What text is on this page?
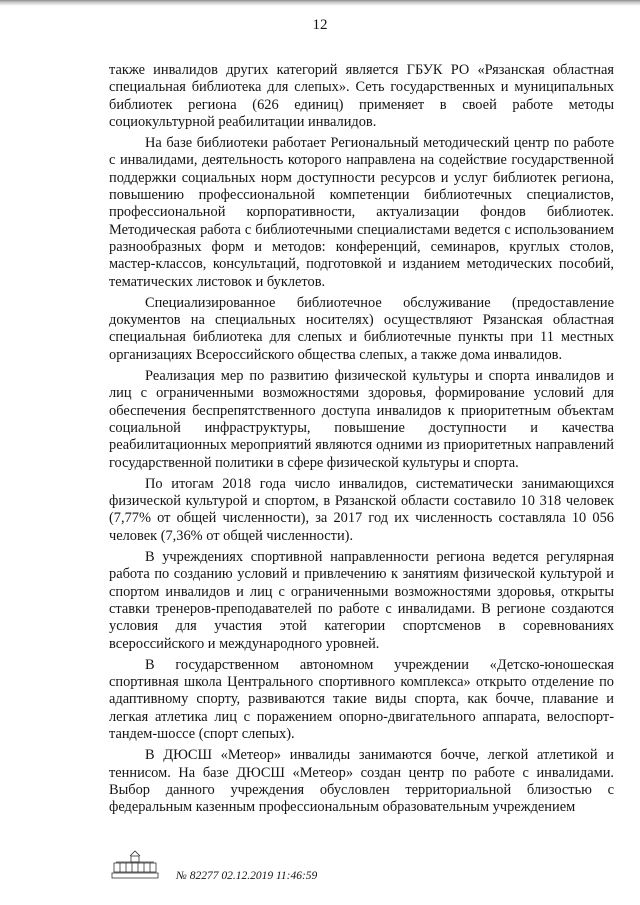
12

также инвалидов других категорий является ГБУК РО «Рязанская областная специальная библиотека для слепых». Сеть государственных и муниципальных библиотек региона (626 единиц) применяет в своей работе методы социокультурной реабилитации инвалидов.

На базе библиотеки работает Региональный методический центр по работе с инвалидами, деятельность которого направлена на содействие государственной поддержки социальных норм доступности ресурсов и услуг библиотек региона, повышению профессиональной компетенции библиотечных специалистов, профессиональной корпоративности, актуализации фондов библиотек. Методическая работа с библиотечными специалистами ведется с использованием разнообразных форм и методов: конференций, семинаров, круглых столов, мастер-классов, консультаций, подготовкой и изданием методических пособий, тематических листовок и буклетов.

Специализированное библиотечное обслуживание (предоставление документов на специальных носителях) осуществляют Рязанская областная специальная библиотека для слепых и библиотечные пункты при 11 местных организациях Всероссийского общества слепых, а также дома инвалидов.

Реализация мер по развитию физической культуры и спорта инвалидов и лиц с ограниченными возможностями здоровья, формирование условий для обеспечения беспрепятственного доступа инвалидов к приоритетным объектам социальной инфраструктуры, повышение доступности и качества реабилитационных мероприятий являются одними из приоритетных направлений государственной политики в сфере физической культуры и спорта.

По итогам 2018 года число инвалидов, систематически занимающихся физической культурой и спортом, в Рязанской области составило 10 318 человек (7,77% от общей численности), за 2017 год их численность составляла 10 056 человек (7,36% от общей численности).

В учреждениях спортивной направленности региона ведется регулярная работа по созданию условий и привлечению к занятиям физической культурой и спортом инвалидов и лиц с ограниченными возможностями здоровья, открыты ставки тренеров-преподавателей по работе с инвалидами. В регионе создаются условия для участия этой категории спортсменов в соревнованиях всероссийского и международного уровней.

В государственном автономном учреждении «Детско-юношеская спортивная школа Центрального спортивного комплекса» открыто отделение по адаптивному спорту, развиваются такие виды спорта, как бочче, плавание и легкая атлетика лиц с поражением опорно-двигательного аппарата, велоспорт-тандем-шоссе (спорт слепых).

В ДЮСШ «Метеор» инвалиды занимаются бочче, легкой атлетикой и теннисом. На базе ДЮСШ «Метеор» создан центр по работе с инвалидами. Выбор данного учреждения обусловлен территориальной близостью с федеральным казенным профессиональным образовательным учреждением

№ 82277 02.12.2019 11:46:59
